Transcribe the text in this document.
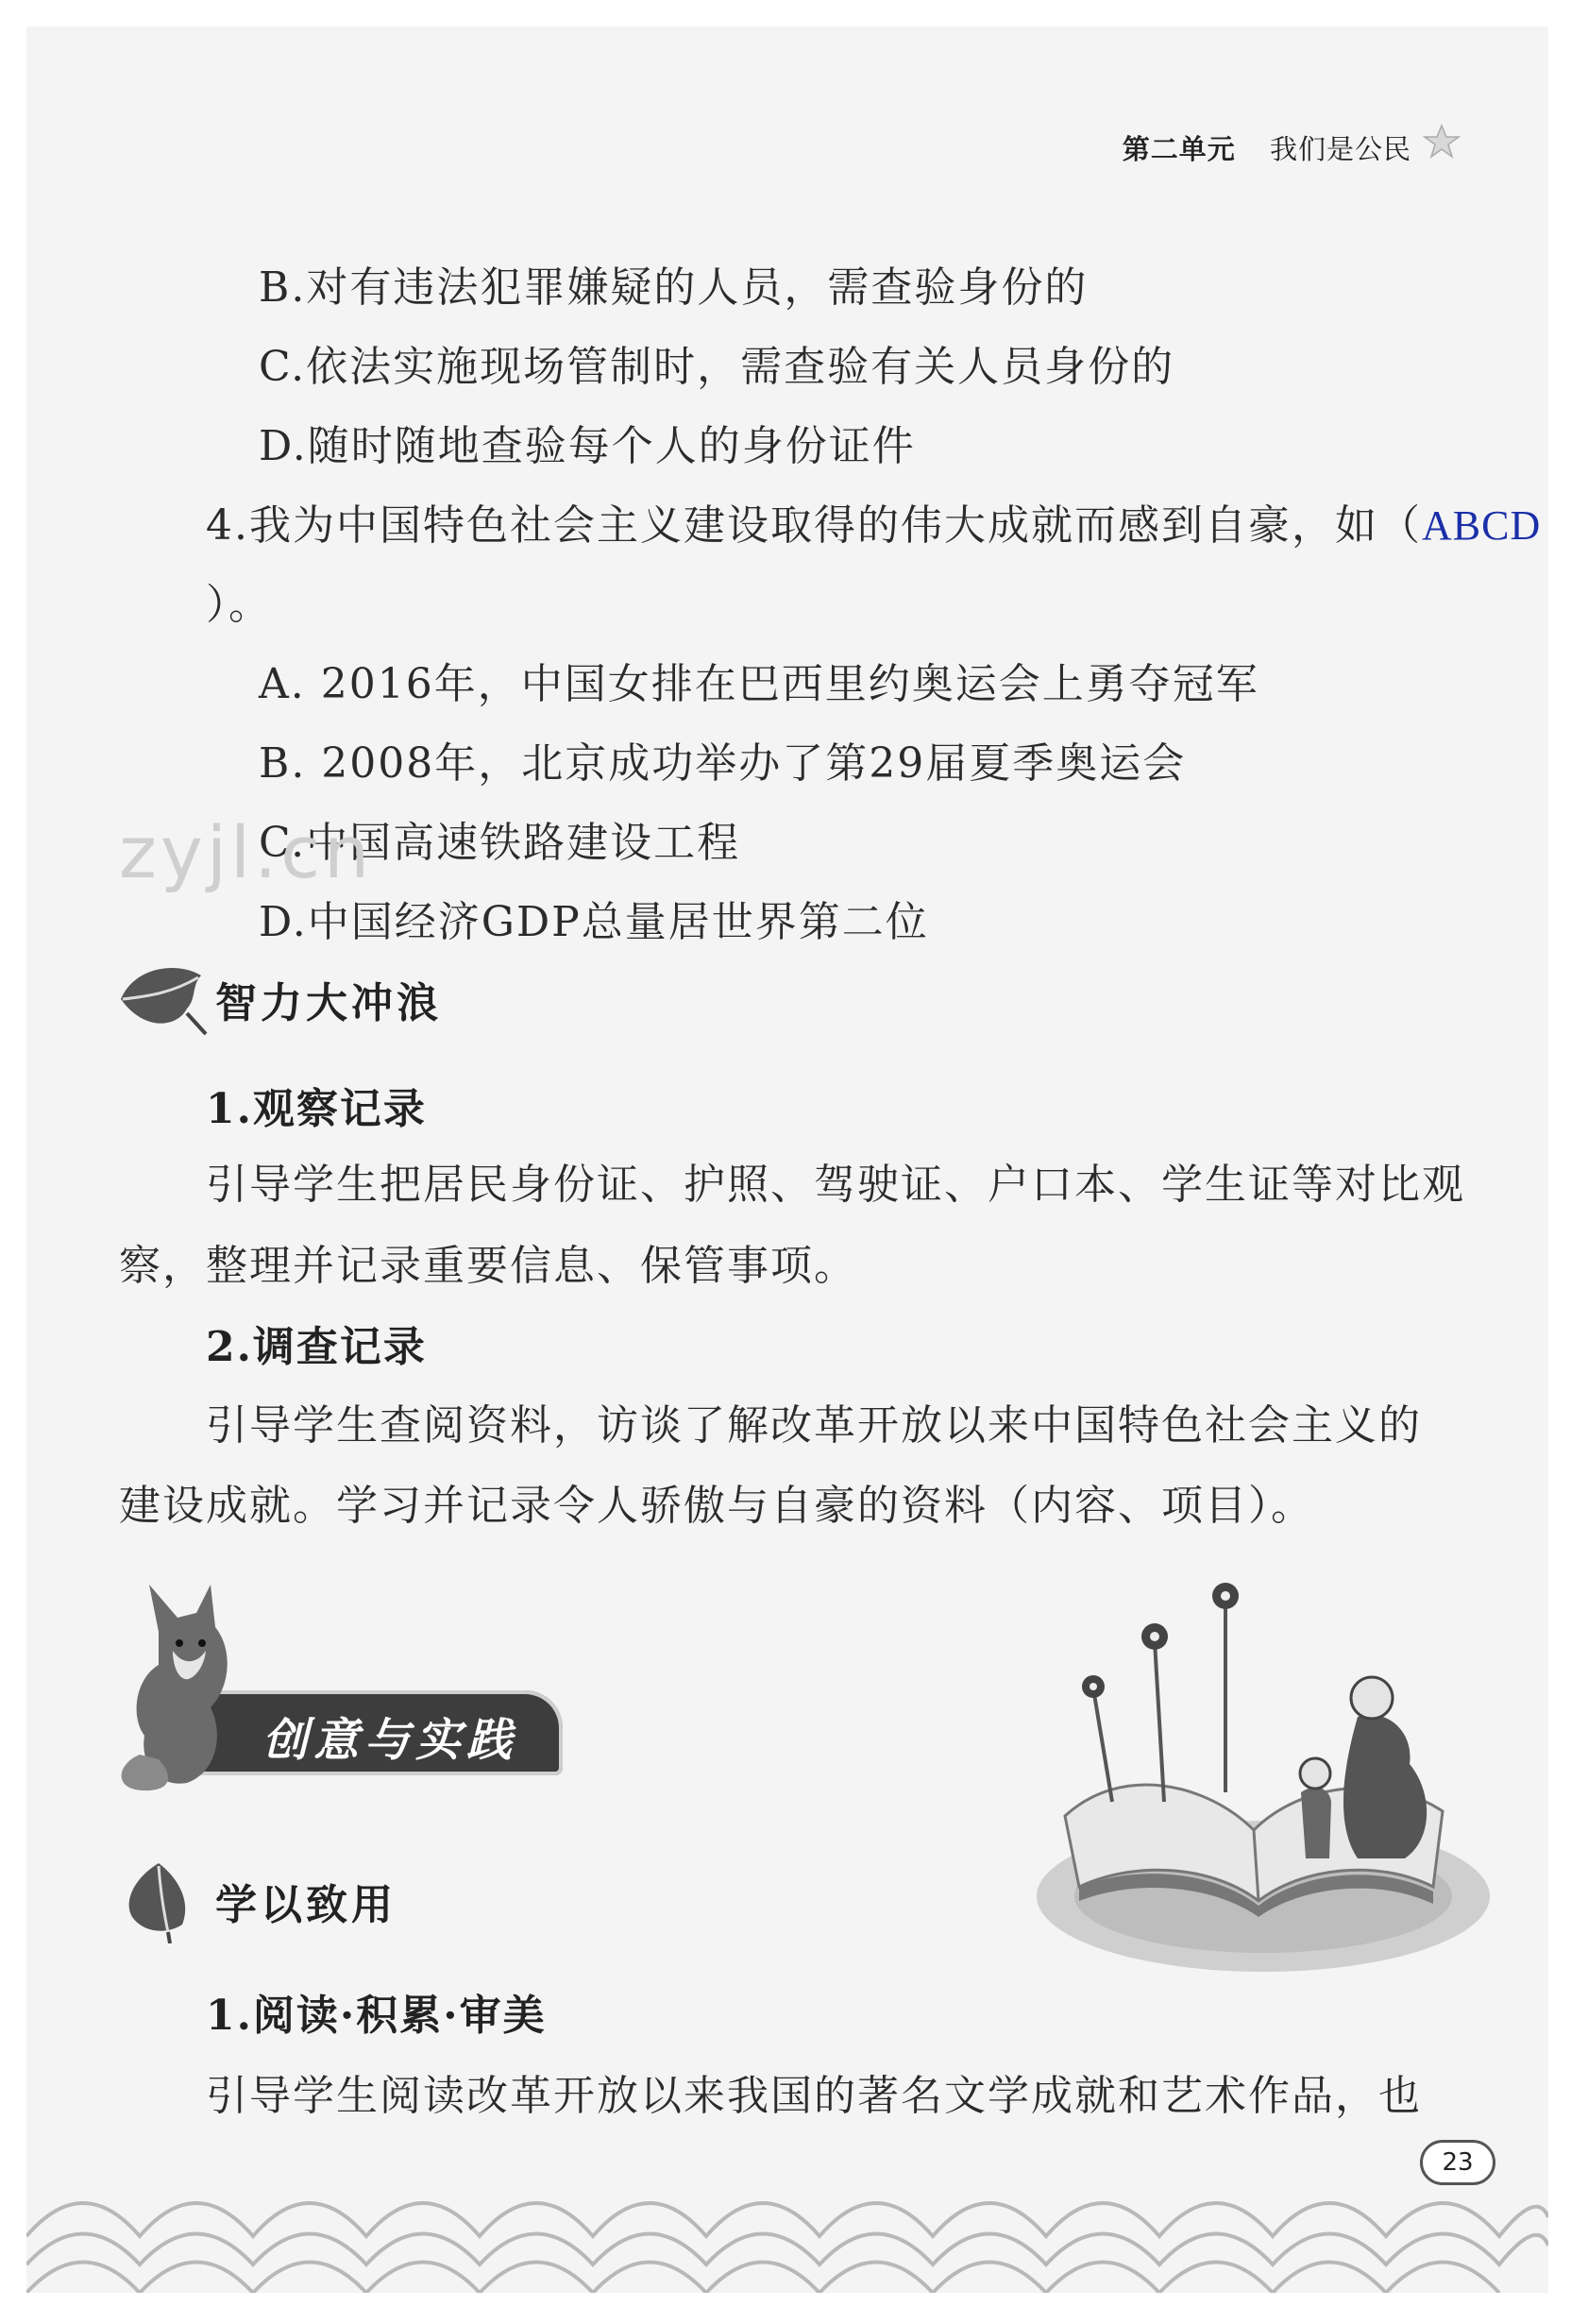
第二单元 我们是公民
B.对有违法犯罪嫌疑的人员，需查验身份的
C.依法实施现场管制时，需查验有关人员身份的
D.随时随地查验每个人的身份证件
4.我为中国特色社会主义建设取得的伟大成就而感到自豪，如（ABCD
）。
A. 2016年，中国女排在巴西里约奥运会上勇夺冠军
B. 2008年，北京成功举办了第29届夏季奥运会
C.中国高速铁路建设工程
D.中国经济GDP总量居世界第二位
zyjl.cn
智力大冲浪
1.观察记录
引导学生把居民身份证、护照、驾驶证、户口本、学生证等对比观
察，整理并记录重要信息、保管事项。
2.调查记录
引导学生查阅资料，访谈了解改革开放以来中国特色社会主义的
建设成就。学习并记录令人骄傲与自豪的资料（内容、项目）。
创意与实践
学以致用
1.阅读·积累·审美
引导学生阅读改革开放以来我国的著名文学成就和艺术作品，也
23
